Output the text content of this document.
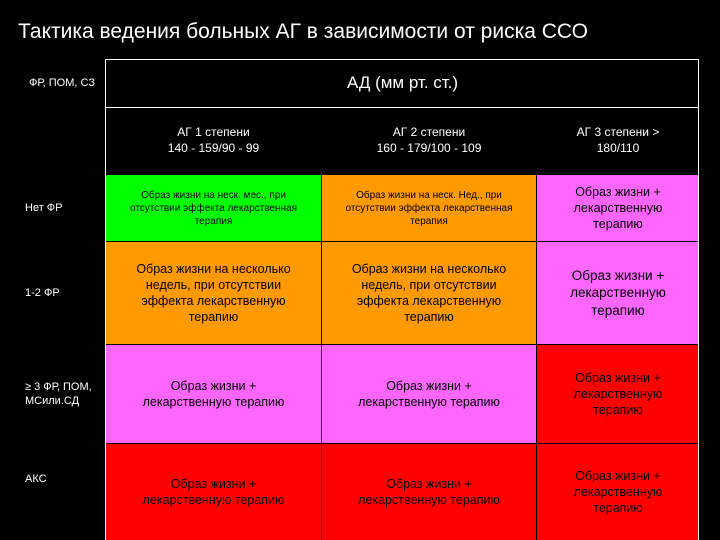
Тактика ведения больных АГ в зависимости от риска ССО
ФР, ПОМ, СЗ	АД (мм рт. ст.)
АГ 1 степени
140 - 159/90 - 99
АГ 2 степени
160 - 179/100 - 109
АГ 3 степени >
180/110
Нет ФР
Образ жизни на неск. мес., при отсутствии эффекта лекарственная терапия
Образ жизни на неск. Нед., при отсутствии эффекта лекарственная терапия
Образ жизни + лекарственную терапию
1-2 ФР
Образ жизни на несколько недель, при отсутствии эффекта лекарственную терапию
Образ жизни на несколько недель, при отсутствии эффекта лекарственную терапию
Образ жизни + лекарственную терапию
≥ 3 ФР, ПОМ, МСили.СД
Образ жизни + лекарственную терапию
Образ жизни + лекарственную терапию
Образ жизни + лекарственную терапию
АКС	Образ жизни + лекарственную терапию
Образ жизни + лекарственную терапию
Образ жизни + лекарственную терапию
